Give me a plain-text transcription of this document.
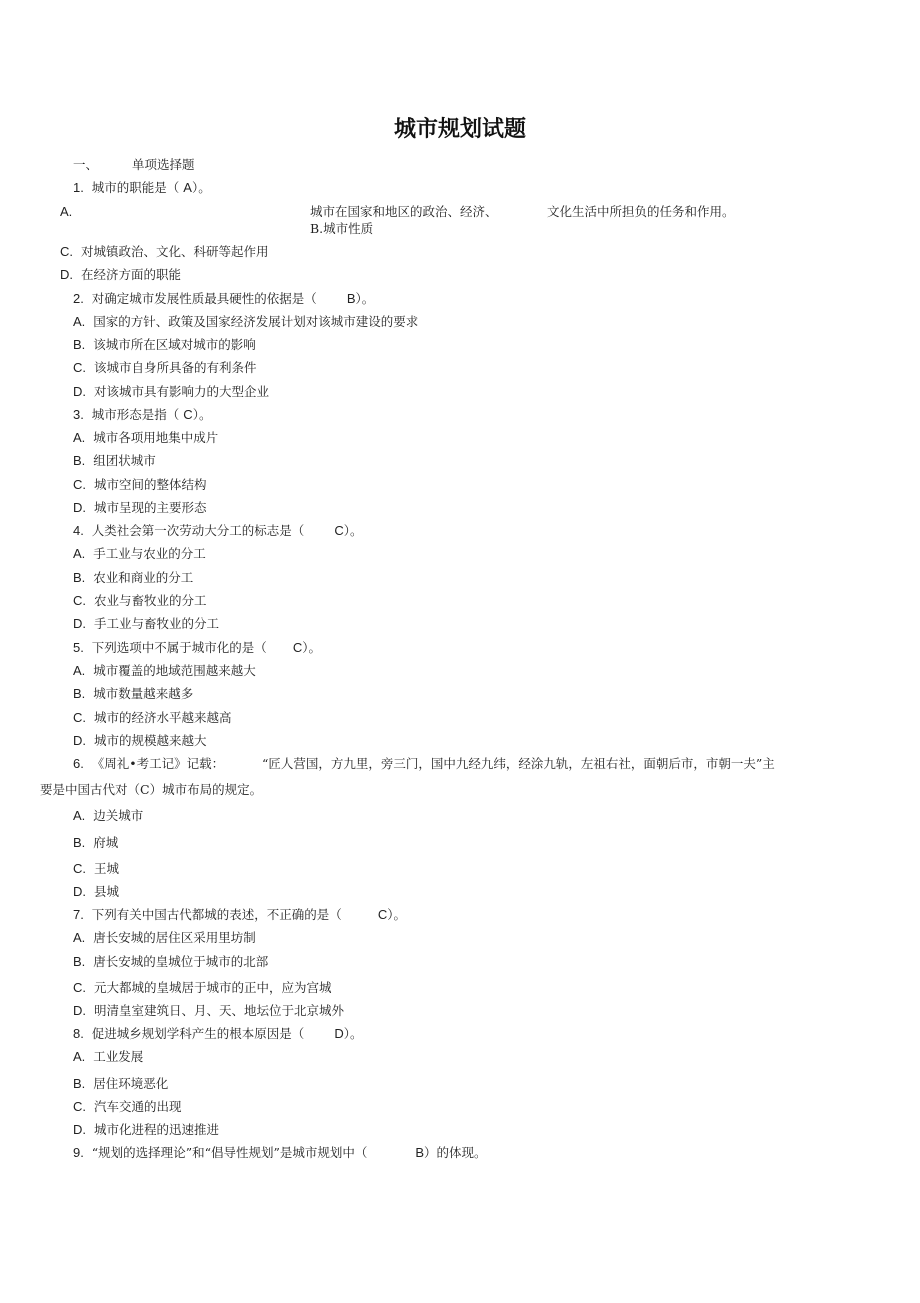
城市规划试题
一、	单项选择题
1. 城市的职能是（ A）。
A.	城市在国家和地区的政治、经济、	文化生活中所担负的任务和作用。
B.城市性质
C. 对城镇政治、文化、科研等起作用
D. 在经济方面的职能
2. 对确定城市发展性质最具硬性的依据是（ B）。
A. 国家的方针、政策及国家经济发展计划对该城市建设的要求
B. 该城市所在区域对城市的影响
C. 该城市自身所具备的有利条件
D. 对该城市具有影响力的大型企业
3. 城市形态是指（ C）。
A. 城市各项用地集中成片
B. 组团状城市
C. 城市空间的整体结构
D. 城市呈现的主要形态
4. 人类社会第一次劳动大分工的标志是（ C）。
A. 手工业与农业的分工
B. 农业和商业的分工
C. 农业与畜牧业的分工
D. 手工业与畜牧业的分工
5. 下列选项中不属于城市化的是（ C）。
A. 城市覆盖的地域范围越来越大
B. 城市数量越来越多
C. 城市的经济水平越来越高
D. 城市的规模越来越大
6. 《周礼•考工记》记载：	“匠人营国，方九里，旁三门，国中九经九纬，经涂九轨，左祖右社，面朝后市，市朝一夫”主
要是中国古代对（C）城市布局的规定。
A. 边关城市
B. 府城
C. 王城
D. 县城
7. 下列有关中国古代都城的表述，不正确的是（	C）。
A. 唐长安城的居住区采用里坊制
B. 唐长安城的皇城位于城市的北部
C. 元大都城的皇城居于城市的正中，应为宫城
D. 明清皇室建筑日、月、天、地坛位于北京城外
8. 促进城乡规划学科产生的根本原因是（ D）。
A. 工业发展
B. 居住环境恶化
C. 汽车交通的出现
D. 城市化进程的迅速推进
9. “规划的选择理论”和“倡导性规划”是城市规划中（	B）的体现。
